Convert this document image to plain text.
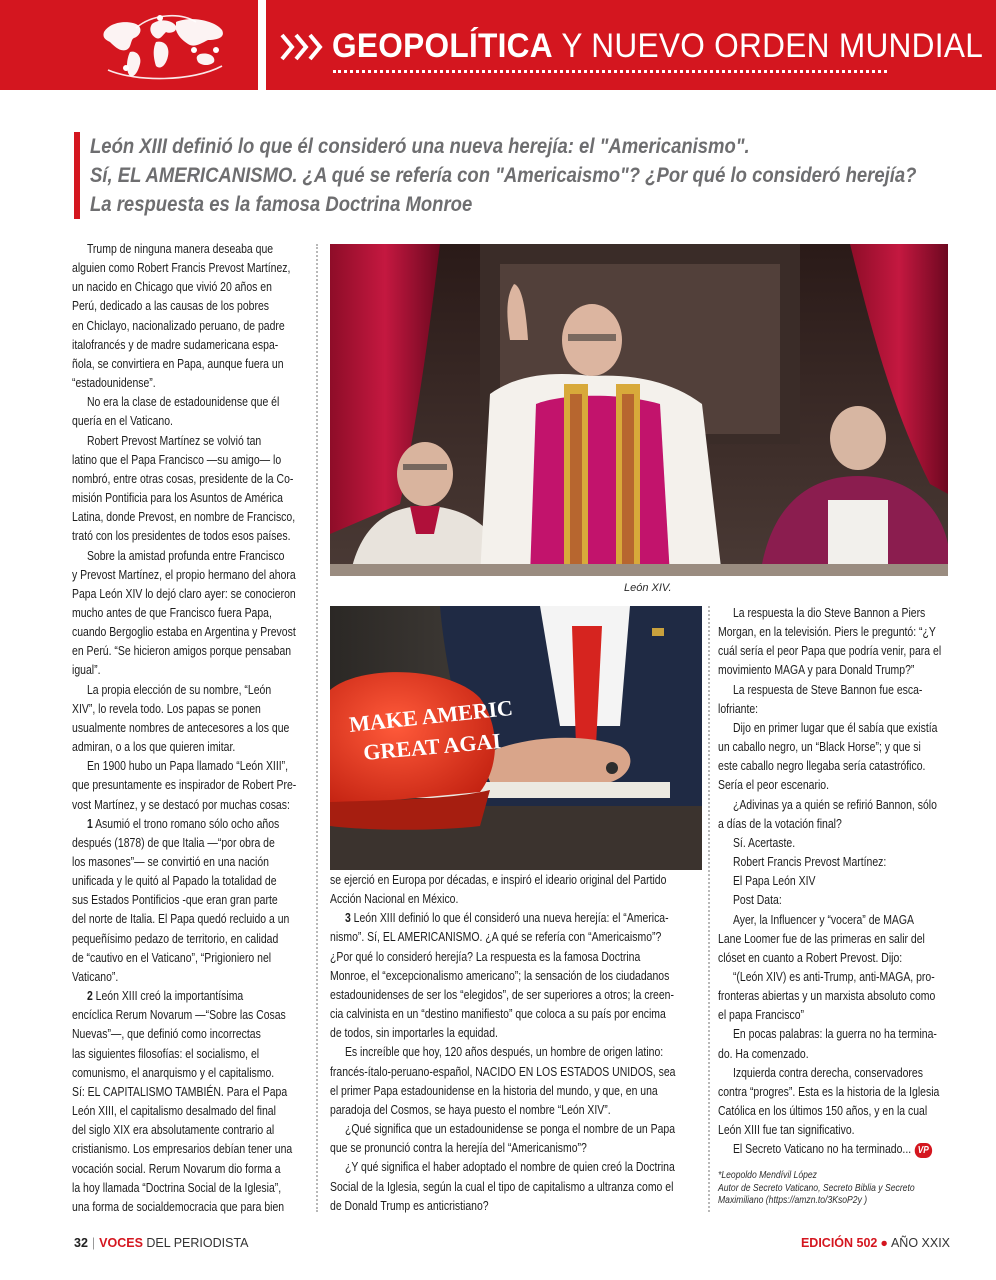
GEOPOLÍTICA Y NUEVO ORDEN MUNDIAL
León XIII definió lo que él consideró una nueva herejía: el "Americanismo".
Sí, EL AMERICANISMO. ¿A qué se refería con "Americaismo"? ¿Por qué lo consideró herejía?
La respuesta es la famosa Doctrina Monroe
Trump de ninguna manera deseaba que
alguien como Robert Francis Prevost Martínez,
un nacido en Chicago que vivió 20 años en
Perú, dedicado a las causas de los pobres
en Chiclayo, nacionalizado peruano, de padre
italofrancés y de madre sudamericana espa-
ñola, se convirtiera en Papa, aunque fuera un
“estadounidense”.
No era la clase de estadounidense que él
quería en el Vaticano.
Robert Prevost Martínez se volvió tan
latino que el Papa Francisco —su amigo— lo
nombró, entre otras cosas, presidente de la Co-
misión Pontificia para los Asuntos de América
Latina, donde Prevost, en nombre de Francisco,
trató con los presidentes de todos esos países.
Sobre la amistad profunda entre Francisco
y Prevost Martínez, el propio hermano del ahora
Papa León XIV lo dejó claro ayer: se conocieron
mucho antes de que Francisco fuera Papa,
cuando Bergoglio estaba en Argentina y Prevost
en Perú. “Se hicieron amigos porque pensaban
igual”.
La propia elección de su nombre, “León
XIV”, lo revela todo. Los papas se ponen
usualmente nombres de antecesores a los que
admiran, o a los que quieren imitar.
En 1900 hubo un Papa llamado “León XIII”,
que presuntamente es inspirador de Robert Pre-
vost Martínez, y se destacó por muchas cosas:
1 Asumió el trono romano sólo ocho años
después (1878) de que Italia —“por obra de
los masones”— se convirtió en una nación
unificada y le quitó al Papado la totalidad de
sus Estados Pontificios -que eran gran parte
del norte de Italia. El Papa quedó recluido a un
pequeñísimo pedazo de territorio, en calidad
de “cautivo en el Vaticano”, “Prigioniero nel
Vaticano”.
2 León XIII creó la importantísima
encíclica Rerum Novarum —“Sobre las Cosas
Nuevas”—, que definió como incorrectas
las siguientes filosofías: el socialismo, el
comunismo, el anarquismo y el capitalismo.
Sí: EL CAPITALISMO TAMBIÉN. Para el Papa
León XIII, el capitalismo desalmado del final
del siglo XIX era absolutamente contrario al
cristianismo. Los empresarios debían tener una
vocación social. Rerum Novarum dio forma a
la hoy llamada “Doctrina Social de la Iglesia”,
una forma de socialdemocracia que para bien
León XIV.
MAKE AMERIC
GREAT AGAI
se ejerció en Europa por décadas, e inspiró el ideario original del Partido
Acción Nacional en México.
3 León XIII definió lo que él consideró una nueva herejía: el “America-
nismo”. Sí, EL AMERICANISMO. ¿A qué se refería con “Americaismo”?
¿Por qué lo consideró herejía? La respuesta es la famosa Doctrina
Monroe, el “excepcionalismo americano”; la sensación de los ciudadanos
estadounidenses de ser los “elegidos”, de ser superiores a otros; la creen-
cia calvinista en un “destino manifiesto” que coloca a su país por encima
de todos, sin importarles la equidad.
Es increíble que hoy, 120 años después, un hombre de origen latino:
francés-ítalo-peruano-español, NACIDO EN LOS ESTADOS UNIDOS, sea
el primer Papa estadounidense en la historia del mundo, y que, en una
paradoja del Cosmos, se haya puesto el nombre “León XIV”.
¿Qué significa que un estadounidense se ponga el nombre de un Papa
que se pronunció contra la herejía del “Americanismo”?
¿Y qué significa el haber adoptado el nombre de quien creó la Doctrina
Social de la Iglesia, según la cual el tipo de capitalismo a ultranza como el
de Donald Trump es anticristiano?
La respuesta la dio Steve Bannon a Piers
Morgan, en la televisión. Piers le preguntó: “¿Y
cuál sería el peor Papa que podría venir, para el
movimiento MAGA y para Donald Trump?”
La respuesta de Steve Bannon fue esca-
lofriante:
Dijo en primer lugar que él sabía que existía
un caballo negro, un “Black Horse”; y que si
este caballo negro llegaba sería catastrófico.
Sería el peor escenario.
¿Adivinas ya a quién se refirió Bannon, sólo
a días de la votación final?
Sí. Acertaste.
Robert Francis Prevost Martínez:
El Papa León XIV
Post Data:
Ayer, la Influencer y “vocera” de MAGA
Lane Loomer fue de las primeras en salir del
clóset en cuanto a Robert Prevost. Dijo:
“(León XIV) es anti-Trump, anti-MAGA, pro-
fronteras abiertas y un marxista absoluto como
el papa Francisco”
En pocas palabras: la guerra no ha termina-
do. Ha comenzado.
Izquierda contra derecha, conservadores
contra “progres”. Esta es la historia de la Iglesia
Católica en los últimos 150 años, y en la cual
León XIII fue tan significativo.
El Secreto Vaticano no ha terminado... VP
*Leopoldo Mendívil López
Autor de Secreto Vaticano, Secreto Biblia y Secreto
Maximiliano (https://amzn.to/3KsoP2y )
32 | VOCES DEL PERIODISTA	EDICIÓN 502 ● AÑO XXIX
